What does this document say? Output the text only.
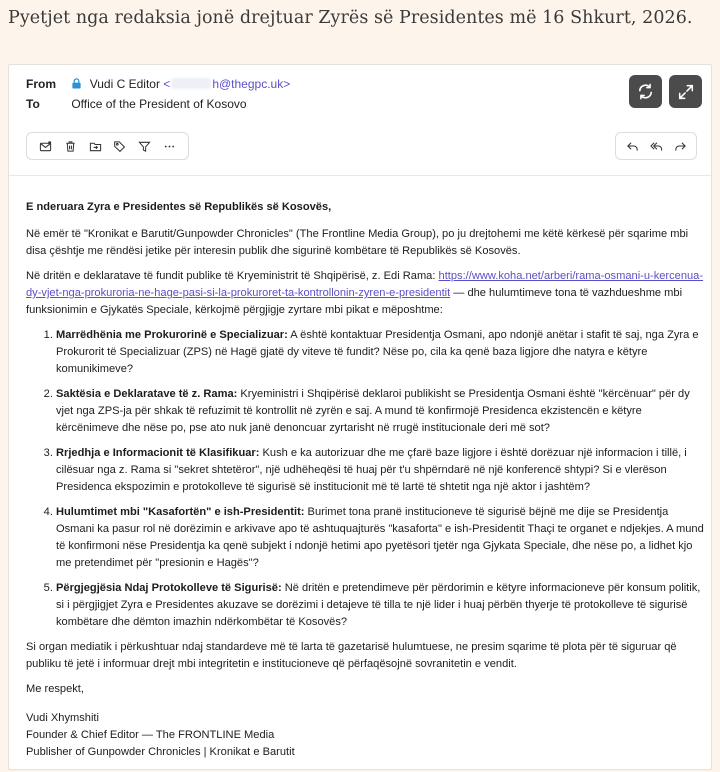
Pyetjet nga redaksia jonë drejtuar Zyrës së Presidentes më 16 Shkurt, 2026.
From	Vudi C Editor <	h@thegpc.uk>
To	Office of the President of Kosovo

E nderuara Zyra e Presidentes së Republikës së Kosovës,

Në emër të "Kronikat e Barutit/Gunpowder Chronicles" (The Frontline Media Group), po ju drejtohemi me këtë kërkesë për sqarime mbi disa çështje me rëndësi jetike për interesin publik dhe sigurinë kombëtare të Republikës së Kosovës.

Në dritën e deklaratave të fundit publike të Kryeministrit të Shqipërisë, z. Edi Rama: https://www.koha.net/arberi/rama-osmani-u-kercenua-dy-vjet-nga-prokuroria-ne-hage-pasi-si-la-prokuroret-ta-kontrollonin-zyren-e-presidentit — dhe hulumtimeve tona të vazhdueshme mbi funksionimin e Gjykatës Speciale, kërkojmë përgjigje zyrtare mbi pikat e mëposhtme:

1. Marrëdhënia me Prokurorinë e Specializuar: A është kontaktuar Presidentja Osmani, apo ndonjë anëtar i stafit të saj, nga Zyra e Prokurorit të Specializuar (ZPS) në Hagë gjatë dy viteve të fundit? Nëse po, cila ka qenë baza ligjore dhe natyra e këtyre komunikimeve?
2. Saktësia e Deklaratave të z. Rama: Kryeministri i Shqipërisë deklaroi publikisht se Presidentja Osmani është "kërcënuar" për dy vjet nga ZPS-ja për shkak të refuzimit të kontrollit në zyrën e saj. A mund të konfirmojë Presidenca ekzistencën e këtyre kërcënimeve dhe nëse po, pse ato nuk janë denoncuar zyrtarisht në rrugë institucionale deri më sot?
3. Rrjedhja e Informacionit të Klasifikuar: Kush e ka autorizuar dhe me çfarë baze ligjore i është dorëzuar një informacion i tillë, i cilësuar nga z. Rama si "sekret shtetëror", një udhëheqësi të huaj për t'u shpërndarë në një konferencë shtypi? Si e vlerëson Presidenca ekspozimin e protokolleve të sigurisë së institucionit më të lartë të shtetit nga një aktor i jashtëm?
4. Hulumtimet mbi "Kasafortën" e ish-Presidentit: Burimet tona pranë institucioneve të sigurisë bëjnë me dije se Presidentja Osmani ka pasur rol në dorëzimin e arkivave apo të ashtuquajturës "kasaforta" e ish-Presidentit Thaçi te organet e ndjekjes. A mund të konfirmoni nëse Presidentja ka qenë subjekt i ndonjë hetimi apo pyetësori tjetër nga Gjykata Speciale, dhe nëse po, a lidhet kjo me pretendimet për "presionin e Hagës"?
5. Përgjegjësia Ndaj Protokolleve të Sigurisë: Në dritën e pretendimeve për përdorimin e këtyre informacioneve për konsum politik, si i përgjigjet Zyra e Presidentes akuzave se dorëzimi i detajeve të tilla te një lider i huaj përbën thyerje të protokolleve të sigurisë kombëtare dhe dëmton imazhin ndërkombëtar të Kosovës?

Si organ mediatik i përkushtuar ndaj standardeve më të larta të gazetarisë hulumtuese, ne presim sqarime të plota për të siguruar që publiku të jetë i informuar drejt mbi integritetin e institucioneve që përfaqësojnë sovranitetin e vendit.

Me respekt,

Vudi Xhymshiti
Founder & Chief Editor — The FRONTLINE Media
Publisher of Gunpowder Chronicles | Kronikat e Barutit
